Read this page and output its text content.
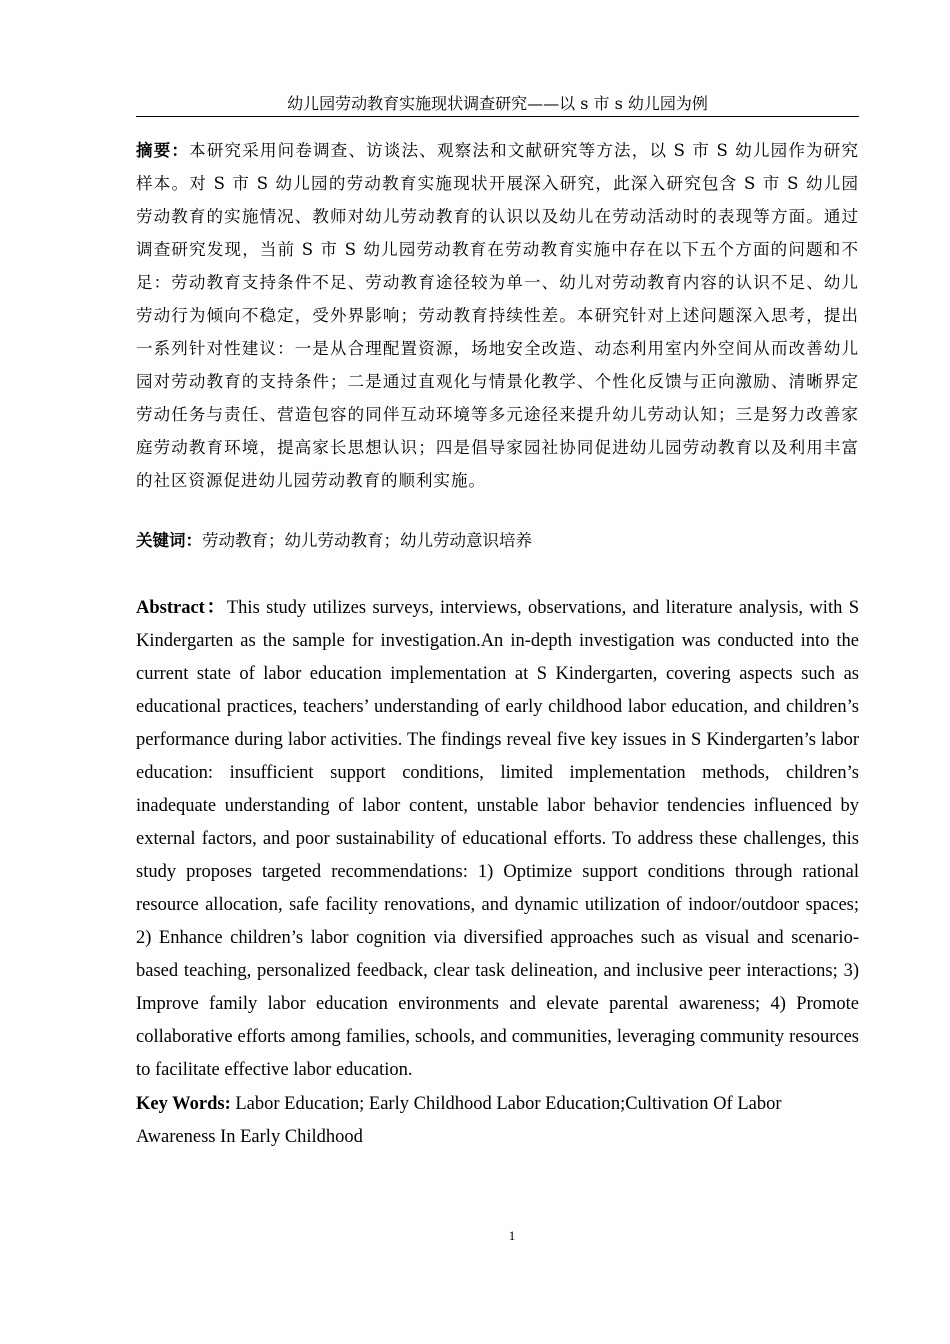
幼儿园劳动教育实施现状调查研究——以 s 市 s 幼儿园为例
摘要：本研究采用问卷调查、访谈法、观察法和文献研究等方法，以 S 市 S 幼儿园作为研究样本。对 S 市 S 幼儿园的劳动教育实施现状开展深入研究，此深入研究包含 S 市 S 幼儿园劳动教育的实施情况、教师对幼儿劳动教育的认识以及幼儿在劳动活动时的表现等方面。通过调查研究发现，当前 S 市 S 幼儿园劳动教育在劳动教育实施中存在以下五个方面的问题和不足：劳动教育支持条件不足、劳动教育途径较为单一、幼儿对劳动教育内容的认识不足、幼儿劳动行为倾向不稳定，受外界影响；劳动教育持续性差。本研究针对上述问题深入思考，提出一系列针对性建议：一是从合理配置资源，场地安全改造、动态利用室内外空间从而改善幼儿园对劳动教育的支持条件；二是通过直观化与情景化教学、个性化反馈与正向激励、清晰界定劳动任务与责任、营造包容的同伴互动环境等多元途径来提升幼儿劳动认知；三是努力改善家庭劳动教育环境，提高家长思想认识；四是倡导家园社协同促进幼儿园劳动教育以及利用丰富的社区资源促进幼儿园劳动教育的顺利实施。
关键词：劳动教育；幼儿劳动教育；幼儿劳动意识培养
Abstract：This study utilizes surveys, interviews, observations, and literature analysis, with S Kindergarten as the sample for investigation.An in-depth investigation was conducted into the current state of labor education implementation at S Kindergarten, covering aspects such as educational practices, teachers’ understanding of early childhood labor education, and children’s performance during labor activities. The findings reveal five key issues in S Kindergarten’s labor education: insufficient support conditions, limited implementation methods, children’s inadequate understanding of labor content, unstable labor behavior tendencies influenced by external factors, and poor sustainability of educational efforts. To address these challenges, this study proposes targeted recommendations: 1) Optimize support conditions through rational resource allocation, safe facility renovations, and dynamic utilization of indoor/outdoor spaces; 2) Enhance children’s labor cognition via diversified approaches such as visual and scenario-based teaching, personalized feedback, clear task delineation, and inclusive peer interactions; 3) Improve family labor education environments and elevate parental awareness; 4) Promote collaborative efforts among families, schools, and communities, leveraging community resources to facilitate effective labor education.
Key Words: Labor Education; Early Childhood Labor Education;Cultivation Of Labor Awareness In Early Childhood
1
